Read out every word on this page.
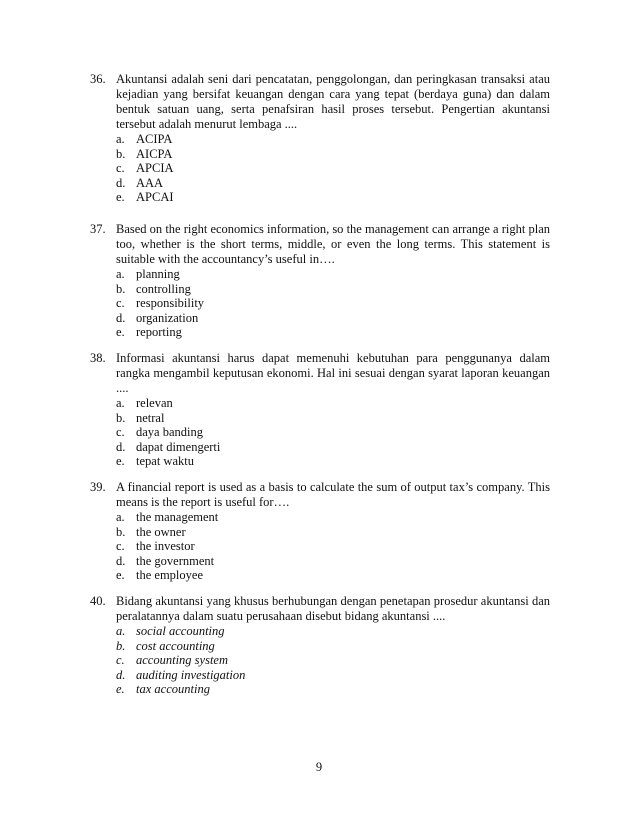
36. Akuntansi adalah seni dari pencatatan, penggolongan, dan peringkasan transaksi atau kejadian yang bersifat keuangan dengan cara yang tepat (berdaya guna) dan dalam bentuk satuan uang, serta penafsiran hasil proses tersebut. Pengertian akuntansi tersebut adalah menurut lembaga ....
a. ACIPA
b. AICPA
c. APCIA
d. AAA
e. APCAI
37. Based on the right economics information, so the management can arrange a right plan too, whether is the short terms, middle, or even the long terms. This statement is suitable with the accountancy’s useful in….
a. planning
b. controlling
c. responsibility
d. organization
e. reporting
38. Informasi akuntansi harus dapat memenuhi kebutuhan para penggunanya dalam rangka mengambil keputusan ekonomi. Hal ini sesuai dengan syarat laporan keuangan ....
a. relevan
b. netral
c. daya banding
d. dapat dimengerti
e. tepat waktu
39. A financial report is used as a basis to calculate the sum of output tax’s company. This means is the report is useful for….
a. the management
b. the owner
c. the investor
d. the government
e. the employee
40. Bidang akuntansi yang khusus berhubungan dengan penetapan prosedur akuntansi dan peralatannya dalam suatu perusahaan disebut bidang akuntansi ....
a. social accounting
b. cost accounting
c. accounting system
d. auditing investigation
e. tax accounting
9
